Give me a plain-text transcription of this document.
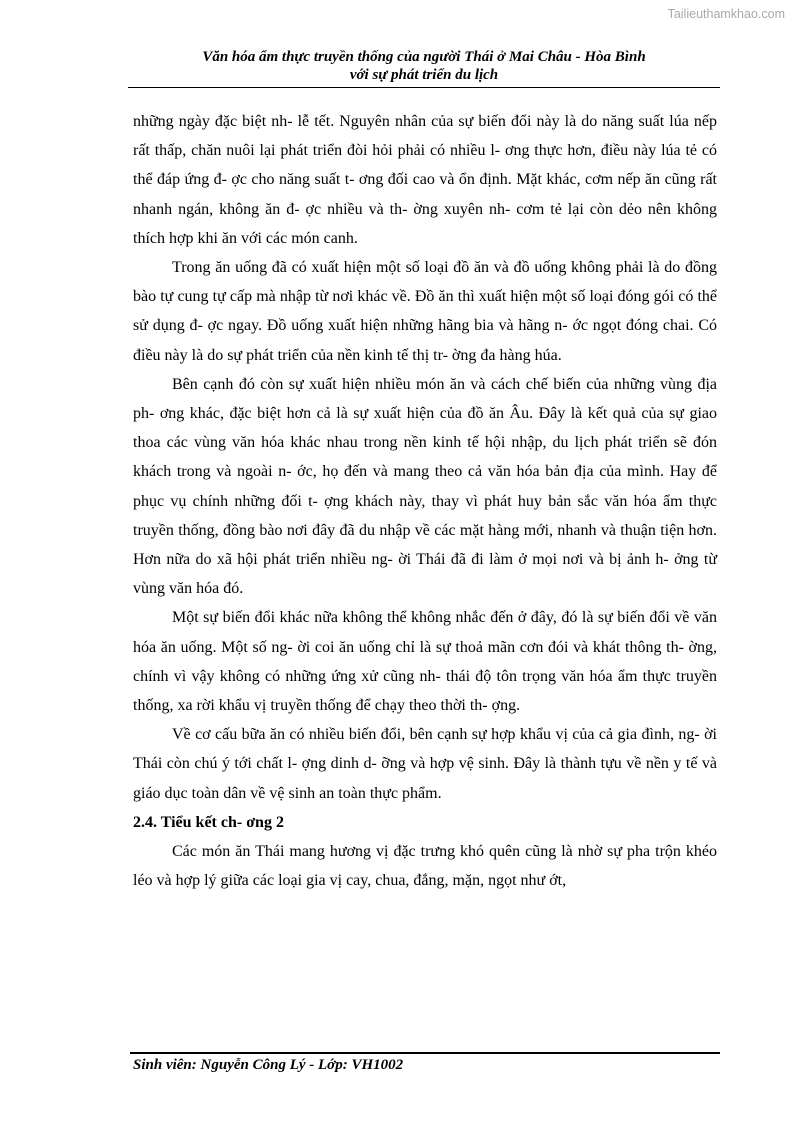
Tailieuthamkhao.com
Văn hóa ẩm thực truyền thống của người Thái ở Mai Châu - Hòa Bình
với sự phát triển du lịch

những ngày đặc biệt nh- lễ tết. Nguyên nhân của sự biến đổi này là do năng suất lúa nếp rất thấp, chăn nuôi lại phát triển đòi hỏi phải có nhiều l- ơng thực hơn, điều này lúa tẻ có thể đáp ứng đ- ợc cho năng suất t- ơng đối cao và ổn định. Mặt khác, cơm nếp ăn cũng rất nhanh ngán, không ăn đ- ợc nhiều và th- ờng xuyên nh- cơm tẻ lại còn dẻo nên không thích hợp khi ăn với các món canh.

Trong ăn uống đã có xuất hiện một số loại đồ ăn và đồ uống không phải là do đồng bào tự cung tự cấp mà nhập từ nơi khác về. Đồ ăn thì xuất hiện một số loại đóng gói có thể sử dụng đ- ợc ngay. Đồ uống xuất hiện những hãng bia và hãng n- ớc ngọt đóng chai. Có điều này là do sự phát triển của nền kinh tế thị tr- ờng đa hàng húa.

Bên cạnh đó còn sự xuất hiện nhiều món ăn và cách chế biến của những vùng địa ph- ơng khác, đặc biệt hơn cả là sự xuất hiện của đồ ăn Âu. Đây là kết quả của sự giao thoa các vùng văn hóa khác nhau trong nền kinh tế hội nhập, du lịch phát triển sẽ đón khách trong và ngoài n- ớc, họ đến và mang theo cả văn hóa bản địa của mình. Hay để phục vụ chính những đối t- ợng khách này, thay vì phát huy bản sắc văn hóa ẩm thực truyền thống, đồng bào nơi đây đã du nhập về các mặt hàng mới, nhanh và thuận tiện hơn. Hơn nữa do xã hội phát triển nhiều ng- ời Thái đã đi làm ở mọi nơi và bị ảnh h- ởng từ vùng văn hóa đó.

Một sự biến đổi khác nữa không thể không nhắc đến ở đây, đó là sự biến đổi về văn hóa ăn uống. Một số ng- ời coi ăn uống chỉ là sự thoả mãn cơn đói và khát thông th- ờng, chính vì vậy không có những ứng xử cũng nh- thái độ tôn trọng văn hóa ẩm thực truyền thống, xa rời khẩu vị truyền thống để chạy theo thời th- ợng.

Về cơ cấu bữa ăn có nhiều biến đổi, bên cạnh sự hợp khẩu vị của cả gia đình, ng- ời Thái còn chú ý tới chất l- ợng dinh d- ỡng và hợp vệ sinh. Đây là thành tựu về nền y tế và giáo dục toàn dân về vệ sinh an toàn thực phẩm.

2.4. Tiểu kết ch- ơng 2

Các món ăn Thái mang hương vị đặc trưng khó quên cũng là nhờ sự pha trộn khéo léo và hợp lý giữa các loại gia vị cay, chua, đắng, mặn, ngọt như ớt,

Sinh viên: Nguyễn Công Lý - Lớp: VH1002
